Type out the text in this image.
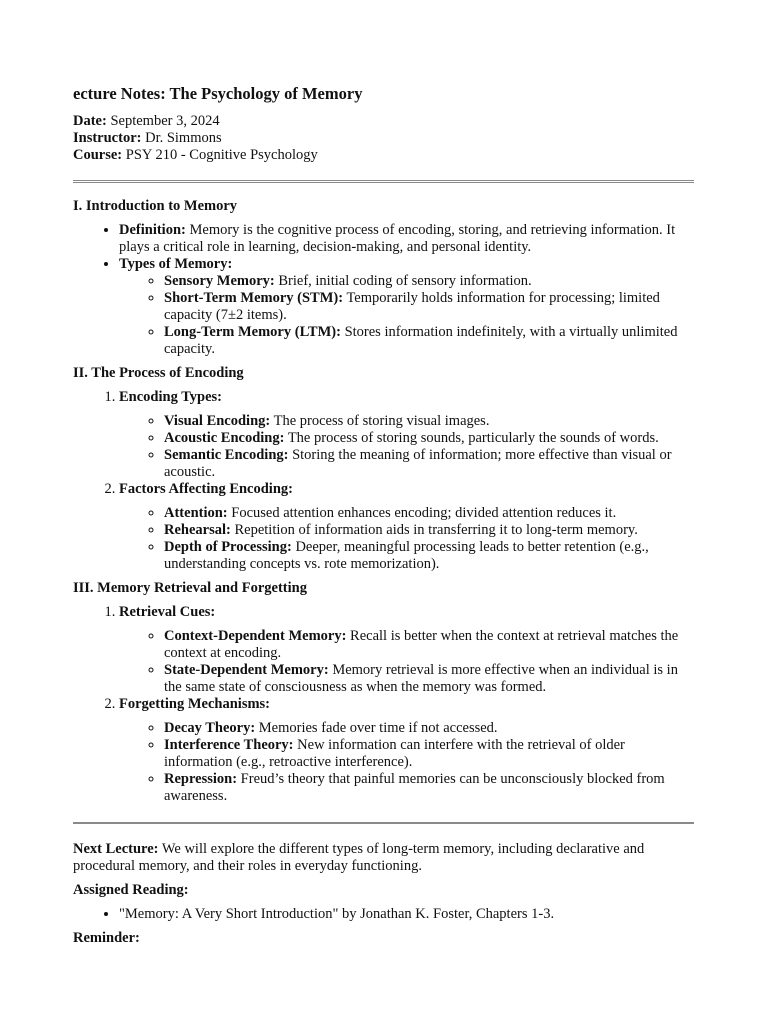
ecture Notes: The Psychology of Memory
Date: September 3, 2024
Instructor: Dr. Simmons
Course: PSY 210 - Cognitive Psychology
I. Introduction to Memory
• Definition: Memory is the cognitive process of encoding, storing, and retrieving information. It plays a critical role in learning, decision-making, and personal identity.
• Types of Memory:
◦ Sensory Memory: Brief, initial coding of sensory information.
◦ Short-Term Memory (STM): Temporarily holds information for processing; limited capacity (7±2 items).
◦ Long-Term Memory (LTM): Stores information indefinitely, with a virtually unlimited capacity.
II. The Process of Encoding
1. Encoding Types:
◦ Visual Encoding: The process of storing visual images.
◦ Acoustic Encoding: The process of storing sounds, particularly the sounds of words.
◦ Semantic Encoding: Storing the meaning of information; more effective than visual or acoustic.
2. Factors Affecting Encoding:
◦ Attention: Focused attention enhances encoding; divided attention reduces it.
◦ Rehearsal: Repetition of information aids in transferring it to long-term memory.
◦ Depth of Processing: Deeper, meaningful processing leads to better retention (e.g., understanding concepts vs. rote memorization).
III. Memory Retrieval and Forgetting
1. Retrieval Cues:
◦ Context-Dependent Memory: Recall is better when the context at retrieval matches the context at encoding.
◦ State-Dependent Memory: Memory retrieval is more effective when an individual is in the same state of consciousness as when the memory was formed.
2. Forgetting Mechanisms:
◦ Decay Theory: Memories fade over time if not accessed.
◦ Interference Theory: New information can interfere with the retrieval of older information (e.g., retroactive interference).
◦ Repression: Freud’s theory that painful memories can be unconsciously blocked from awareness.

Next Lecture: We will explore the different types of long-term memory, including declarative and procedural memory, and their roles in everyday functioning.

Assigned Reading:

• "Memory: A Very Short Introduction" by Jonathan K. Foster, Chapters 1-3.

Reminder:
